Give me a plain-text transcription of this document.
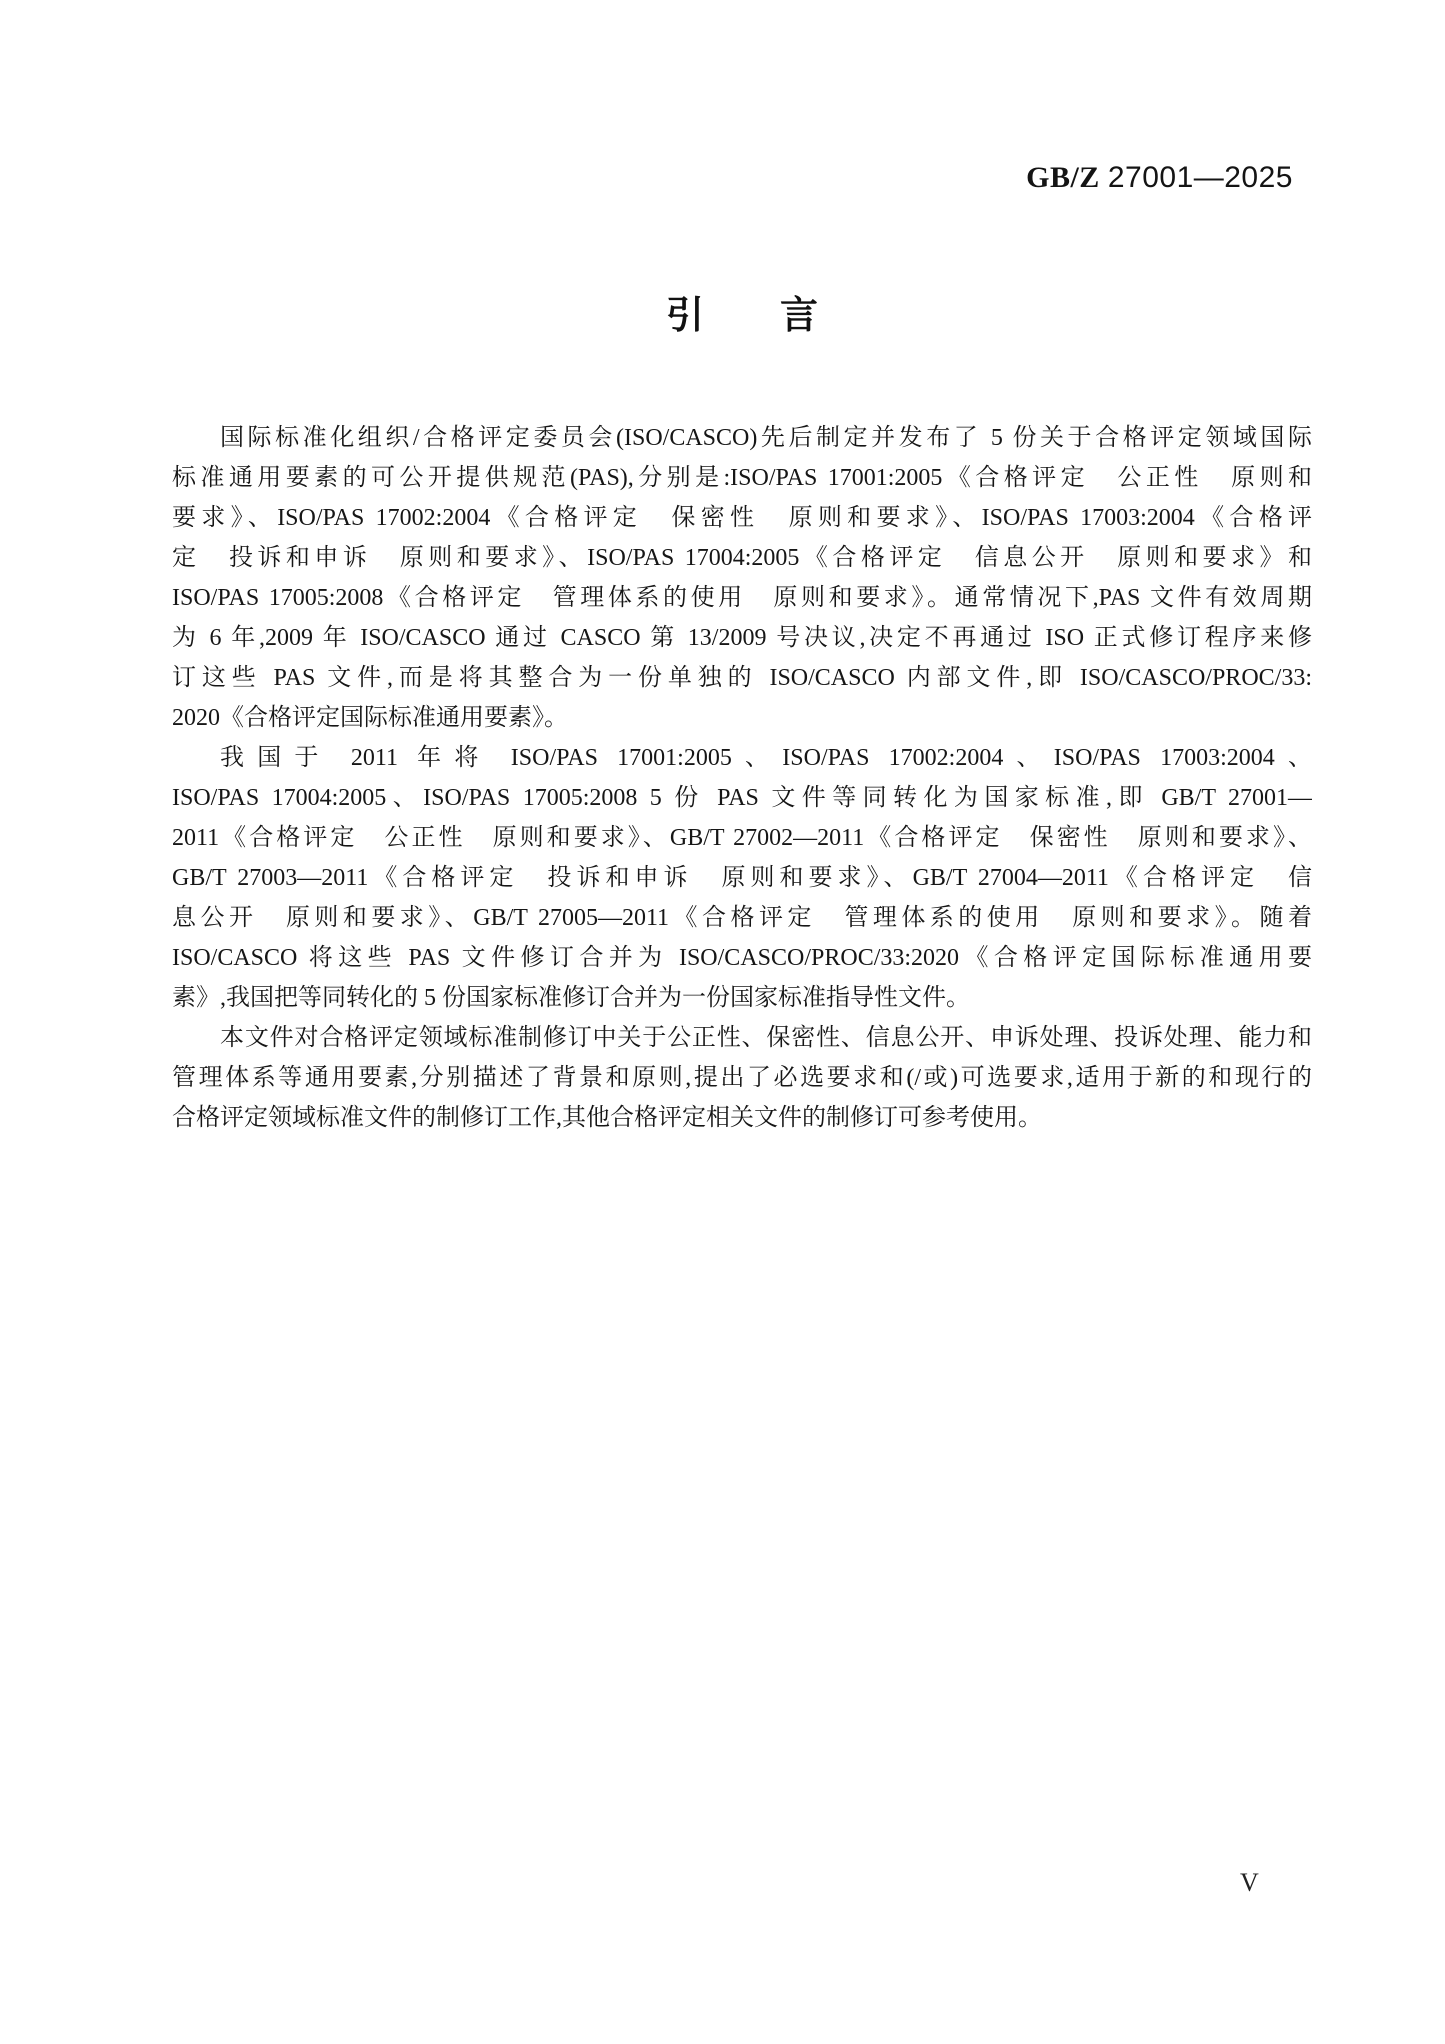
GB/Z 27001—2025
引　　言
国际标准化组织/合格评定委员会(ISO/CASCO)先后制定并发布了 5 份关于合格评定领域国际
标准通用要素的可公开提供规范(PAS),分别是:ISO/PAS 17001:2005《合格评定　公正性　原则和
要求》、ISO/PAS 17002:2004《合格评定　保密性　原则和要求》、ISO/PAS 17003:2004《合格评
定　投诉和申诉　原则和要求》、ISO/PAS 17004:2005《合格评定　信息公开　原则和要求》和
ISO/PAS 17005:2008《合格评定　管理体系的使用　原则和要求》。通常情况下,PAS 文件有效周期
为 6 年,2009 年 ISO/CASCO 通过 CASCO 第 13/2009 号决议,决定不再通过 ISO 正式修订程序来修
订这些 PAS 文件,而是将其整合为一份单独的 ISO/CASCO 内部文件,即 ISO/CASCO/PROC/33:
2020《合格评定国际标准通用要素》。
我国于 2011 年将 ISO/PAS 17001:2005、ISO/PAS 17002:2004、ISO/PAS 17003:2004、
ISO/PAS 17004:2005、ISO/PAS 17005:2008 5 份 PAS 文件等同转化为国家标准,即 GB/T 27001—
2011《合格评定　公正性　原则和要求》、GB/T 27002—2011《合格评定　保密性　原则和要求》、
GB/T 27003—2011《合格评定　投诉和申诉　原则和要求》、GB/T 27004—2011《合格评定　信
息公开　原则和要求》、GB/T 27005—2011《合格评定　管理体系的使用　原则和要求》。随着
ISO/CASCO 将这些 PAS 文件修订合并为 ISO/CASCO/PROC/33:2020《合格评定国际标准通用要
素》,我国把等同转化的 5 份国家标准修订合并为一份国家标准指导性文件。
本文件对合格评定领域标准制修订中关于公正性、保密性、信息公开、申诉处理、投诉处理、能力和
管理体系等通用要素,分别描述了背景和原则,提出了必选要求和(/或)可选要求,适用于新的和现行的
合格评定领域标准文件的制修订工作,其他合格评定相关文件的制修订可参考使用。
V
